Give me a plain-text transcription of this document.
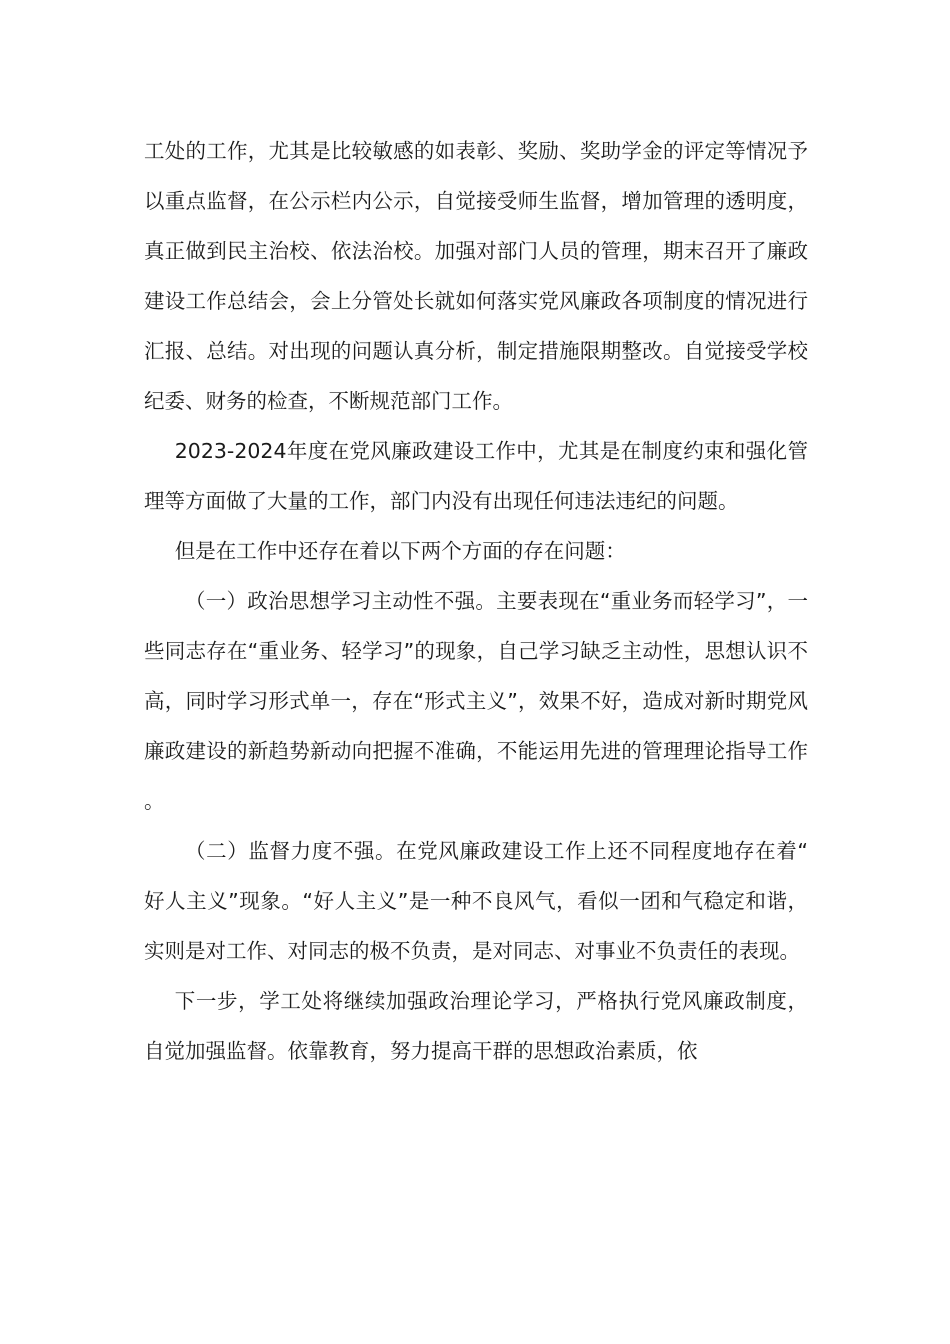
工处的工作，尤其是比较敏感的如表彰、奖励、奖助学金的评定等情况予以重点监督，在公示栏内公示，自觉接受师生监督，增加管理的透明度，真正做到民主治校、依法治校。加强对部门人员的管理，期末召开了廉政建设工作总结会，会上分管处长就如何落实党风廉政各项制度的情况进行汇报、总结。对出现的问题认真分析，制定措施限期整改。自觉接受学校纪委、财务的检查，不断规范部门工作。

2023-2024年度在党风廉政建设工作中，尤其是在制度约束和强化管理等方面做了大量的工作，部门内没有出现任何违法违纪的问题。

但是在工作中还存在着以下两个方面的存在问题：

（一）政治思想学习主动性不强。主要表现在“重业务而轻学习”，一些同志存在“重业务、轻学习”的现象，自己学习缺乏主动性，思想认识不高，同时学习形式单一，存在“形式主义”，效果不好，造成对新时期党风廉政建设的新趋势新动向把握不准确，不能运用先进的管理理论指导工作。

（二）监督力度不强。在党风廉政建设工作上还不同程度地存在着“好人主义”现象。“好人主义”是一种不良风气，看似一团和气稳定和谐，实则是对工作、对同志的极不负责，是对同志、对事业不负责任的表现。

下一步，学工处将继续加强政治理论学习，严格执行党风廉政制度，自觉加强监督。依靠教育，努力提高干群的思想政治素质，依
